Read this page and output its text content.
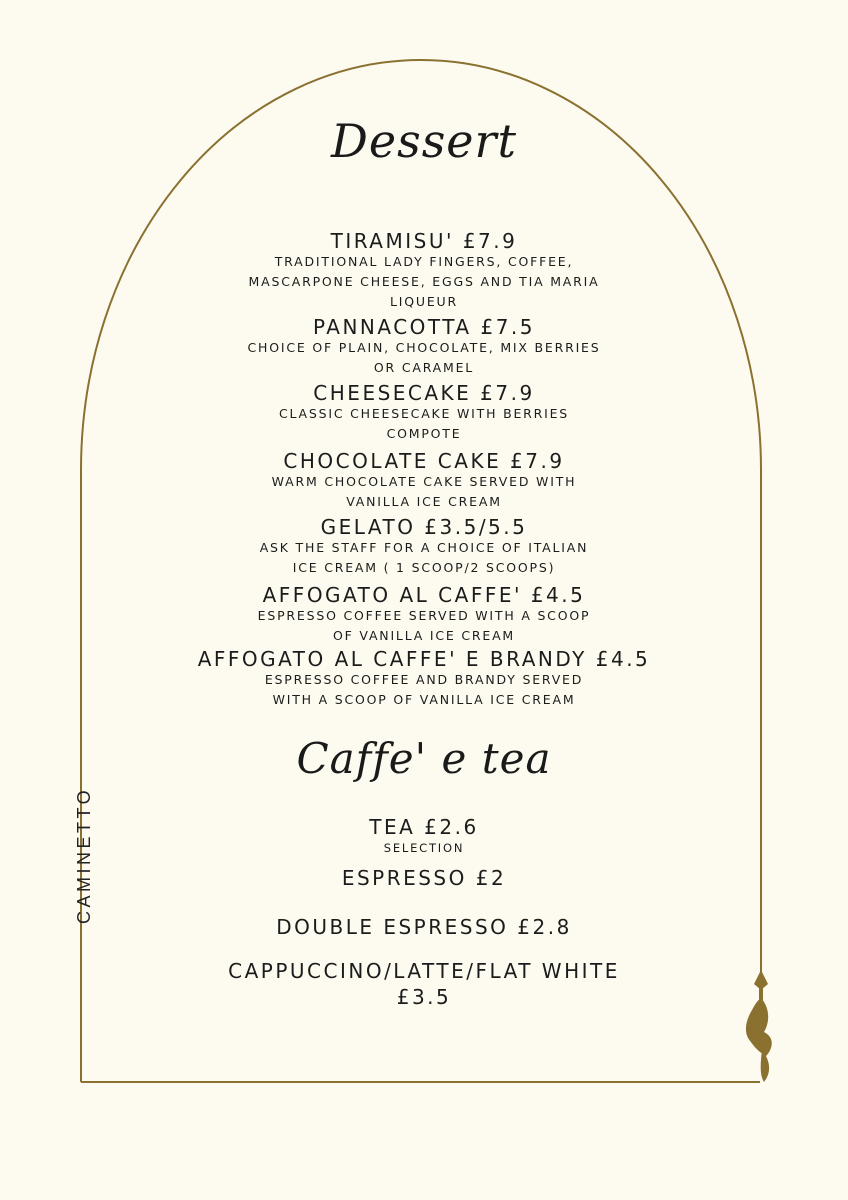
CAMINETTO
Dessert
TIRAMISU' £7.9
TRADITIONAL LADY FINGERS, COFFEE,
MASCARPONE CHEESE, EGGS AND TIA MARIA
LIQUEUR
PANNACOTTA £7.5
CHOICE OF PLAIN, CHOCOLATE, MIX BERRIES
OR CARAMEL
CHEESECAKE £7.9
CLASSIC CHEESECAKE WITH BERRIES
COMPOTE
CHOCOLATE CAKE £7.9
WARM CHOCOLATE CAKE SERVED WITH
VANILLA ICE CREAM
GELATO £3.5/5.5
ASK THE STAFF FOR A CHOICE OF ITALIAN
ICE CREAM ( 1 SCOOP/2 SCOOPS)
AFFOGATO AL CAFFE' £4.5
ESPRESSO COFFEE SERVED WITH A SCOOP
OF VANILLA ICE CREAM
AFFOGATO AL CAFFE' E BRANDY £4.5
ESPRESSO COFFEE AND BRANDY SERVED
WITH A SCOOP OF VANILLA ICE CREAM
Caffe' e tea
TEA £2.6
SELECTION
ESPRESSO £2
DOUBLE ESPRESSO £2.8
CAPPUCCINO/LATTE/FLAT WHITE
£3.5
